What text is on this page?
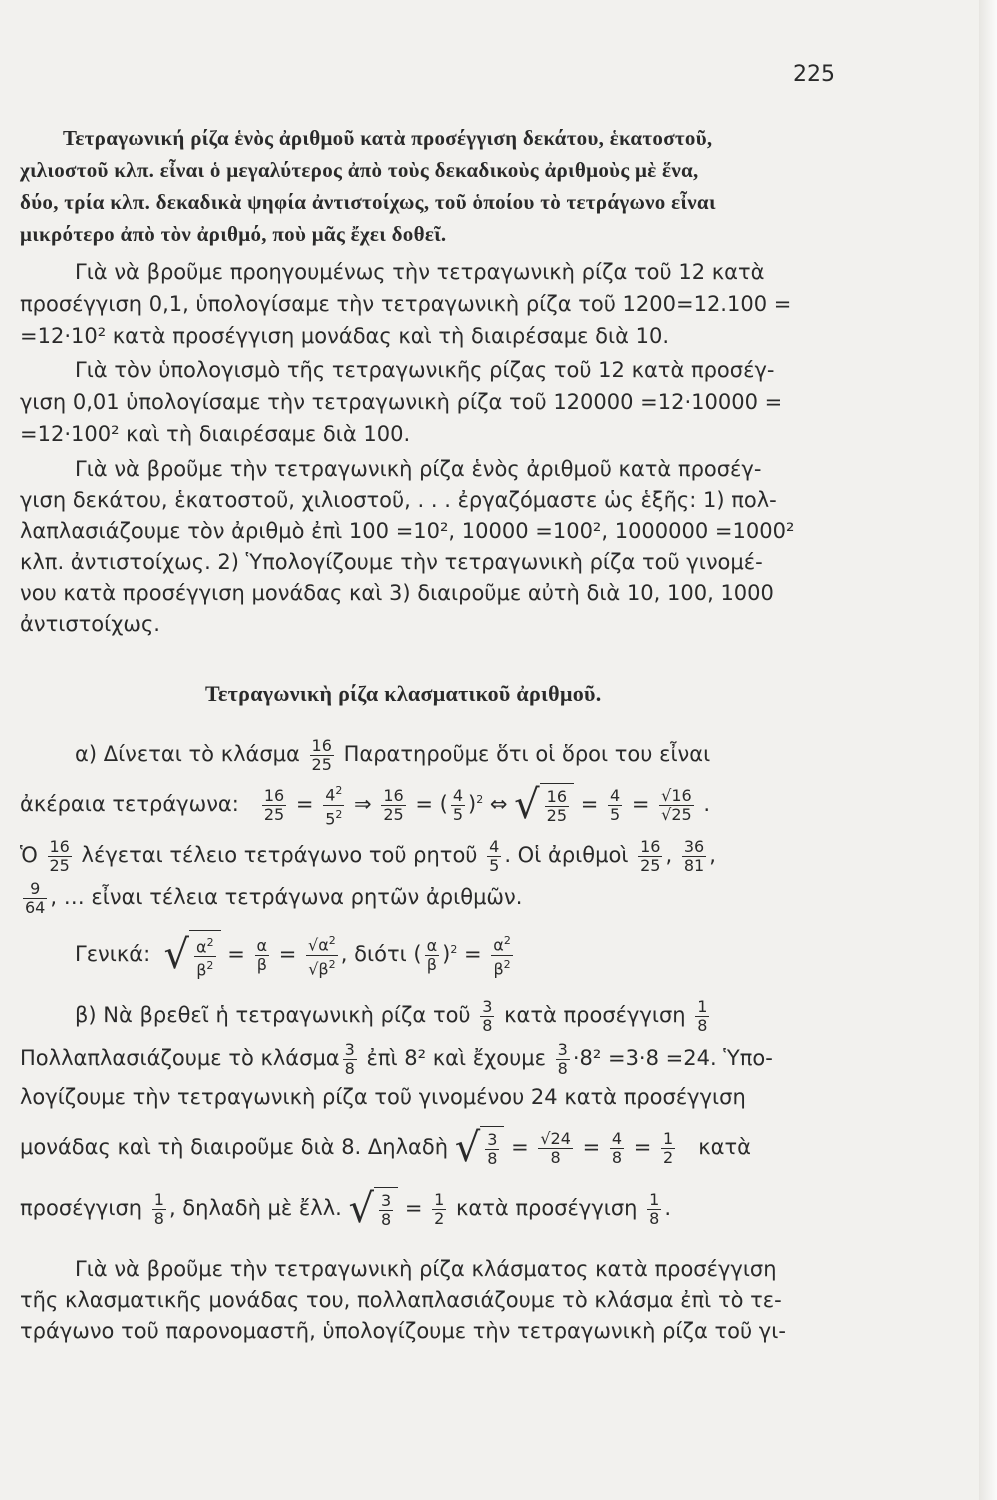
225
Τετραγωνική ρίζα ἑνὸς ἀριθμοῦ κατὰ προσέγγιση δεκάτου, ἑκατοστοῦ,
χιλιοστοῦ κλπ. εἶναι ὁ μεγαλύτερος ἀπὸ τοὺς δεκαδικοὺς ἀριθμοὺς μὲ ἕνα,
δύο, τρία κλπ. δεκαδικὰ ψηφία ἀντιστοίχως, τοῦ ὁποίου τὸ τετράγωνο εἶναι
μικρότερο ἀπὸ τὸν ἀριθμό, ποὺ μᾶς ἔχει δοθεῖ.
Γιὰ νὰ βροῦμε προηγουμένως τὴν τετραγωνικὴ ρίζα τοῦ 12 κατὰ
προσέγγιση 0,1, ὑπολογίσαμε τὴν τετραγωνικὴ ρίζα τοῦ 1200=12.100 =
=12·10² κατὰ προσέγγιση μονάδας καὶ τὴ διαιρέσαμε διὰ 10.
Γιὰ τὸν ὑπολογισμὸ τῆς τετραγωνικῆς ρίζας τοῦ 12 κατὰ προσέγ-
γιση 0,01 ὑπολογίσαμε τὴν τετραγωνικὴ ρίζα τοῦ 120000 =12·10000 =
=12·100² καὶ τὴ διαιρέσαμε διὰ 100.
Γιὰ νὰ βροῦμε τὴν τετραγωνικὴ ρίζα ἑνὸς ἀριθμοῦ κατὰ προσέγ-
γιση δεκάτου, ἑκατοστοῦ, χιλιοστοῦ, . . . ἐργαζόμαστε ὡς ἑξῆς: 1) πολ-
λαπλασιάζουμε τὸν ἀριθμὸ ἐπὶ 100 =10², 10000 =100², 1000000 =1000²
κλπ. ἀντιστοίχως. 2) Ὑπολογίζουμε τὴν τετραγωνικὴ ρίζα τοῦ γινομέ-
νου κατὰ προσέγγιση μονάδας καὶ 3) διαιροῦμε αὐτὴ διὰ 10, 100, 1000
ἀντιστοίχως.
Τετραγωνικὴ ρίζα κλασματικοῦ ἀριθμοῦ.
α) Δίνεται τὸ κλάσμα $\frac{16}{25}$ Παρατηροῦμε ὅτι οἱ ὅροι του εἶναι
ἀκέραια τετράγωνα: $\frac{16}{25} = \frac{4^2}{5^2}$ ⇒ $\frac{16}{25}$ = ( $\frac{4}{5} )^2$ ⇔ √ $\frac{16}{25} = \frac{4}{5} = \frac{√16}{√25}$ .
Ὁ $\frac{16}{25}$ λέγεται τέλειο τετράγωνο τοῦ ρητοῦ $\frac{4}{5}$ . Οἱ ἀριθμοὶ $\frac{16}{25}$ , $\frac{36}{81}$ ,
$\frac{9}{64}$ , … εἶναι τέλεια τετράγωνα ρητῶν ἀριθμῶν.
Γενικά: √ $\frac{\alpha^2}{\beta^2} = \frac{\alpha}{\beta} = \frac{√\alpha^2}{√\beta^2}$ , διότι ( $\frac{\alpha}{\beta} )^2 = \frac{\alpha^2}{\beta^2}$
β) Νὰ βρεθεῖ ἡ τετραγωνικὴ ρίζα τοῦ $\frac{3}{8}$ κατὰ προσέγγιση $\frac{1}{8}$
Πολλαπλασιάζουμε τὸ κλάσμα $\frac{3}{8}$ ἐπὶ 8² καὶ ἔχουμε $\frac{3}{8} \cdot 8^2 =3\cdot 8 =24$. Ὑπο-
λογίζουμε τὴν τετραγωνικὴ ρίζα τοῦ γινομένου 24 κατὰ προσέγγιση
μονάδας καὶ τὴ διαιροῦμε διὰ 8. Δηλαδὴ √ $\frac{3}{8} = \frac{√24}{8} = \frac{4}{8} = \frac{1}{2}$ κατὰ
προσέγγιση $\frac{1}{8}$ , δηλαδὴ μὲ ἔλλ. √ $\frac{3}{8} = \frac{1}{2}$ κατὰ προσέγγιση $\frac{1}{8}$ .
Γιὰ νὰ βροῦμε τὴν τετραγωνικὴ ρίζα κλάσματος κατὰ προσέγγιση
τῆς κλασματικῆς μονάδας του, πολλαπλασιάζουμε τὸ κλάσμα ἐπὶ τὸ τε-
τράγωνο τοῦ παρονομαστῆ, ὑπολογίζουμε τὴν τετραγωνικὴ ρίζα τοῦ γι-
